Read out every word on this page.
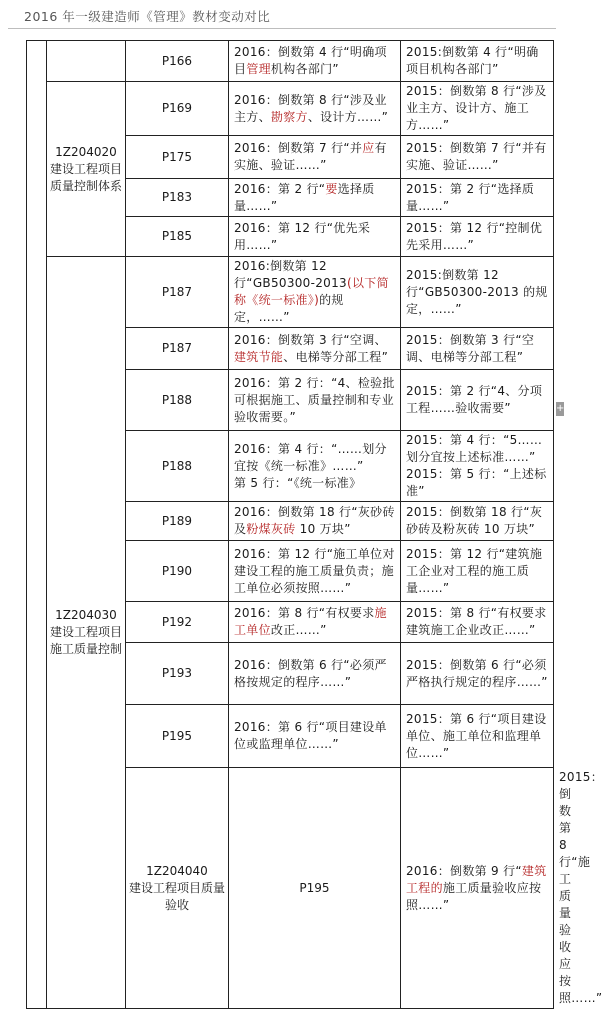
2016 年一级建造师《管理》教材变动对比
		P166	2016：倒数第 4 行“明确项目管理机构各部门”	2015:倒数第 4 行“明确项目机构各部门”	

	1Z204020
建设工程项目质量控制体系	P169	2016：倒数第 8 行“涉及业主方、勘察方、设计方……”	2015：倒数第 8 行“涉及业主方、设计方、施工方……”	
		P175	2016：倒数第 7 行“并应有实施、验证……”	2015：倒数第 7 行“并有实施、验证……”	
		P183	2016：第 2 行“要选择质量……”	2015：第 2 行“选择质量……”	
		P185	2016：第 12 行“优先采用……”	2015：第 12 行“控制优先采用……”	

	1Z204030
建设工程项目施工质量控制	P187	2016:倒数第 12 行“GB50300-2013(以下简称《统一标准》)的规定，……”	2015:倒数第 12 行“GB50300-2013 的规定，……”	
		P187	2016：倒数第 3 行“空调、建筑节能、电梯等分部工程”	2015：倒数第 3 行“空调、电梯等分部工程”	
		P188	2016：第 2 行：“4、检验批可根据施工、质量控制和专业验收需要。”	2015：第 2 行“4、分项工程……验收需要”	
		P188	2016：第 4 行：“……划分宜按《统一标准》……”
第 5 行：“《统一标准》	2015：第 4 行：“5……划分宜按上述标准……”
2015：第 5 行：“上述标准”	
		P189	2016：倒数第 18 行“灰砂砖及粉煤灰砖 10 万块”	2015：倒数第 18 行“灰砂砖及粉灰砖 10 万块”	
		P190	2016：第 12 行“施工单位对建设工程的施工质量负责；施工单位必须按照……”	2015：第 12 行“建筑施工企业对工程的施工质量……”	
		P192	2016：第 8 行“有权要求施工单位改正……”	2015：第 8 行“有权要求建筑施工企业改正……”	
		P193	2016：倒数第 6 行“必须严格按规定的程序……”	2015：倒数第 6 行“必须严格执行规定的程序……”	
		P195	2016：第 6 行“项目建设单位或监理单位……”	2015：第 6 行“项目建设单位、施工单位和监理单位……”	

		1Z204040
建设工程项目质量验收	P195	2016：倒数第 9 行“建筑工程的施工质量验收应按照……”	2015：倒数第 8 行“施工质量验收应按照……”
+
